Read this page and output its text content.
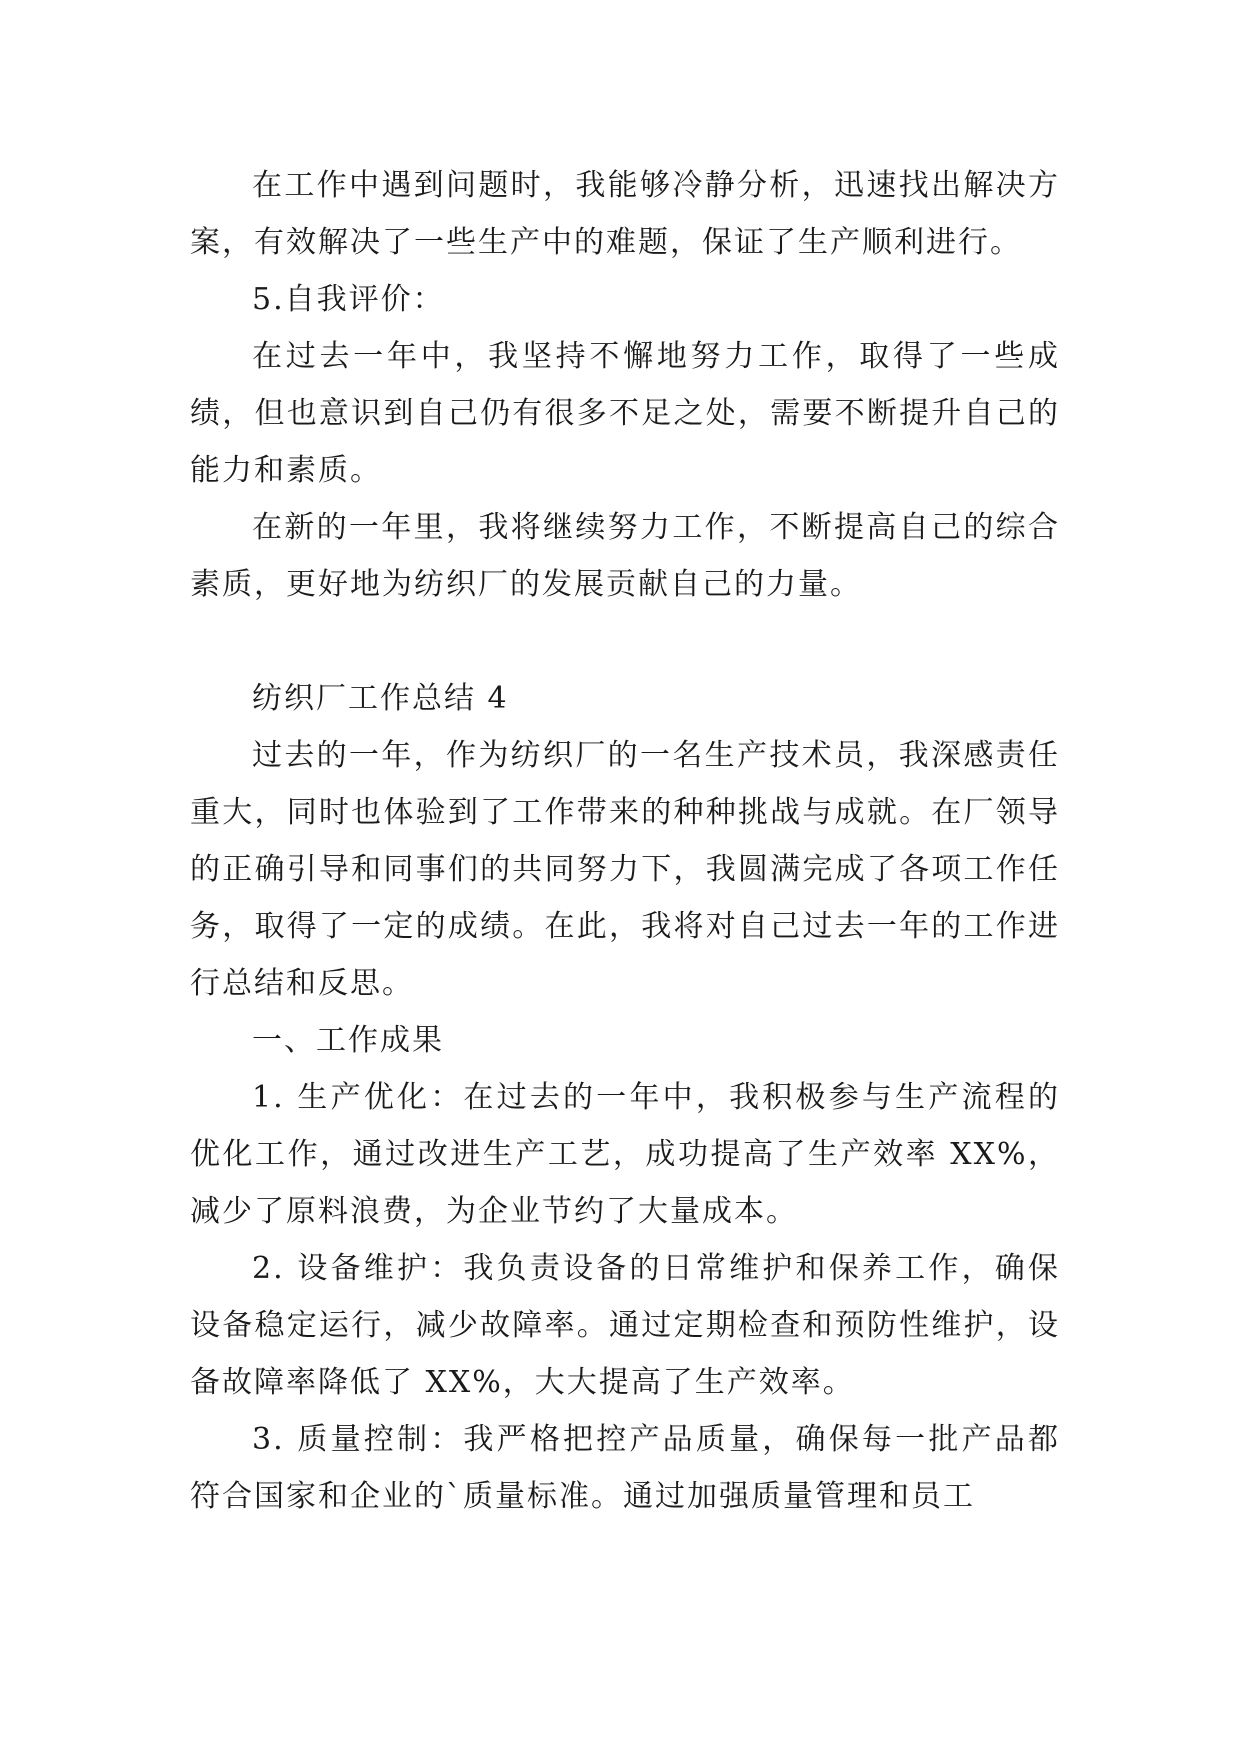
在工作中遇到问题时，我能够冷静分析，迅速找出解决方案，有效解决了一些生产中的难题，保证了生产顺利进行。

5.自我评价：

在过去一年中，我坚持不懈地努力工作，取得了一些成绩，但也意识到自己仍有很多不足之处，需要不断提升自己的能力和素质。

在新的一年里，我将继续努力工作，不断提高自己的综合素质，更好地为纺织厂的发展贡献自己的力量。

纺织厂工作总结 4

过去的一年，作为纺织厂的一名生产技术员，我深感责任重大，同时也体验到了工作带来的种种挑战与成就。在厂领导的正确引导和同事们的共同努力下，我圆满完成了各项工作任务，取得了一定的成绩。在此，我将对自己过去一年的工作进行总结和反思。

一、工作成果

1. 生产优化：在过去的一年中，我积极参与生产流程的优化工作，通过改进生产工艺，成功提高了生产效率 XX%，减少了原料浪费，为企业节约了大量成本。

2. 设备维护：我负责设备的日常维护和保养工作，确保设备稳定运行，减少故障率。通过定期检查和预防性维护，设备故障率降低了 XX%，大大提高了生产效率。

3. 质量控制：我严格把控产品质量，确保每一批产品都符合国家和企业的`质量标准。通过加强质量管理和员工
